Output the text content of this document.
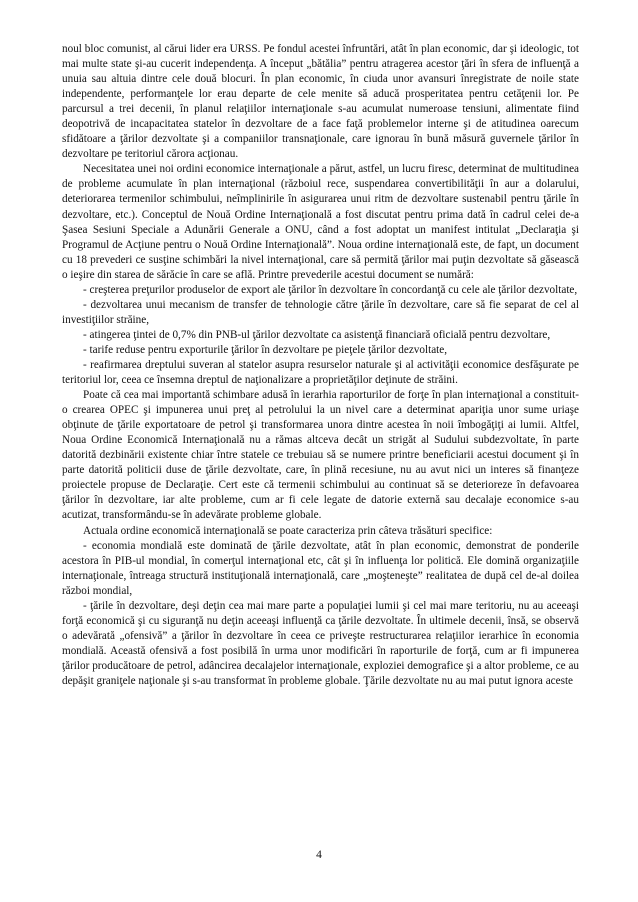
noul bloc comunist, al cărui lider era URSS. Pe fondul acestei înfruntări, atât în plan economic, dar şi ideologic, tot mai multe state şi-au cucerit independenţa. A început „bătălia” pentru atragerea acestor ţări în sfera de influenţă a unuia sau altuia dintre cele două blocuri. În plan economic, în ciuda unor avansuri înregistrate de noile state independente, performanţele lor erau departe de cele menite să aducă prosperitatea pentru cetăţenii lor. Pe parcursul a trei decenii, în planul relaţiilor internaţionale s-au acumulat numeroase tensiuni, alimentate fiind deopotrivă de incapacitatea statelor în dezvoltare de a face faţă problemelor interne şi de atitudinea oarecum sfidătoare a ţărilor dezvoltate şi a companiilor transnaţionale, care ignorau în bună măsură guvernele ţărilor în dezvoltare pe teritoriul cărora acţionau.

Necesitatea unei noi ordini economice internaţionale a părut, astfel, un lucru firesc, determinat de multitudinea de probleme acumulate în plan internaţional (războiul rece, suspendarea convertibilităţii în aur a dolarului, deteriorarea termenilor schimbului, neîmplinirile în asigurarea unui ritm de dezvoltare sustenabil pentru ţările în dezvoltare, etc.). Conceptul de Nouă Ordine Internaţională a fost discutat pentru prima dată în cadrul celei de-a Şasea Sesiuni Speciale a Adunării Generale a ONU, când a fost adoptat un manifest intitulat „Declaraţia şi Programul de Acţiune pentru o Nouă Ordine Internaţională”. Noua ordine internaţională este, de fapt, un document cu 18 prevederi ce susţine schimbări la nivel internaţional, care să permită ţărilor mai puţin dezvoltate să găsească o ieşire din starea de sărăcie în care se află. Printre prevederile acestui document se numără:

- creşterea preţurilor produselor de export ale ţărilor în dezvoltare în concordanţă cu cele ale ţărilor dezvoltate,

- dezvoltarea unui mecanism de transfer de tehnologie către ţările în dezvoltare, care să fie separat de cel al investiţiilor străine,

- atingerea ţintei de 0,7% din PNB-ul ţărilor dezvoltate ca asistenţă financiară oficială pentru dezvoltare,

- tarife reduse pentru exporturile ţărilor în dezvoltare pe pieţele ţărilor dezvoltate,

- reafirmarea dreptului suveran al statelor asupra resurselor naturale şi al activităţii economice desfăşurate pe teritoriul lor, ceea ce însemna dreptul de naţionalizare a proprietăţilor deţinute de străini.

Poate că cea mai importantă schimbare adusă în ierarhia raporturilor de forţe în plan internaţional a constituit-o crearea OPEC şi impunerea unui preţ al petrolului la un nivel care a determinat apariţia unor sume uriaşe obţinute de ţările exportatoare de petrol şi transformarea unora dintre acestea în noii îmbogăţiţi ai lumii. Altfel, Noua Ordine Economică Internaţională nu a rămas altceva decât un strigăt al Sudului subdezvoltate, în parte datorită dezbinării existente chiar între statele ce trebuiau să se numere printre beneficiarii acestui document şi în parte datorită politicii duse de ţările dezvoltate, care, în plină recesiune, nu au avut nici un interes să finanţeze proiectele propuse de Declaraţie. Cert este că termenii schimbului au continuat să se deterioreze în defavoarea ţărilor în dezvoltare, iar alte probleme, cum ar fi cele legate de datorie externă sau decalaje economice s-au acutizat, transformându-se în adevărate probleme globale.

Actuala ordine economică internaţională se poate caracteriza prin câteva trăsături specifice:

- economia mondială este dominată de ţările dezvoltate, atât în plan economic, demonstrat de ponderile acestora în PIB-ul mondial, în comerţul internaţional etc, cât şi în influenţa lor politică. Ele domină organizaţiile internaţionale, întreaga structură instituţională internaţională, care „moşteneşte” realitatea de după cel de-al doilea război mondial,

- ţările în dezvoltare, deşi deţin cea mai mare parte a populaţiei lumii şi cel mai mare teritoriu, nu au aceeaşi forţă economică şi cu siguranţă nu deţin aceeaşi influenţă ca ţările dezvoltate. În ultimele decenii, însă, se observă o adevărată „ofensivă” a ţărilor în dezvoltare în ceea ce priveşte restructurarea relaţiilor ierarhice în economia mondială. Această ofensivă a fost posibilă în urma unor modificări în raporturile de forţă, cum ar fi impunerea ţărilor producătoare de petrol, adâncirea decalajelor internaţionale, exploziei demografice şi a altor probleme, ce au depăşit graniţele naţionale şi s-au transformat în probleme globale. Ţările dezvoltate nu au mai putut ignora aceste

4
